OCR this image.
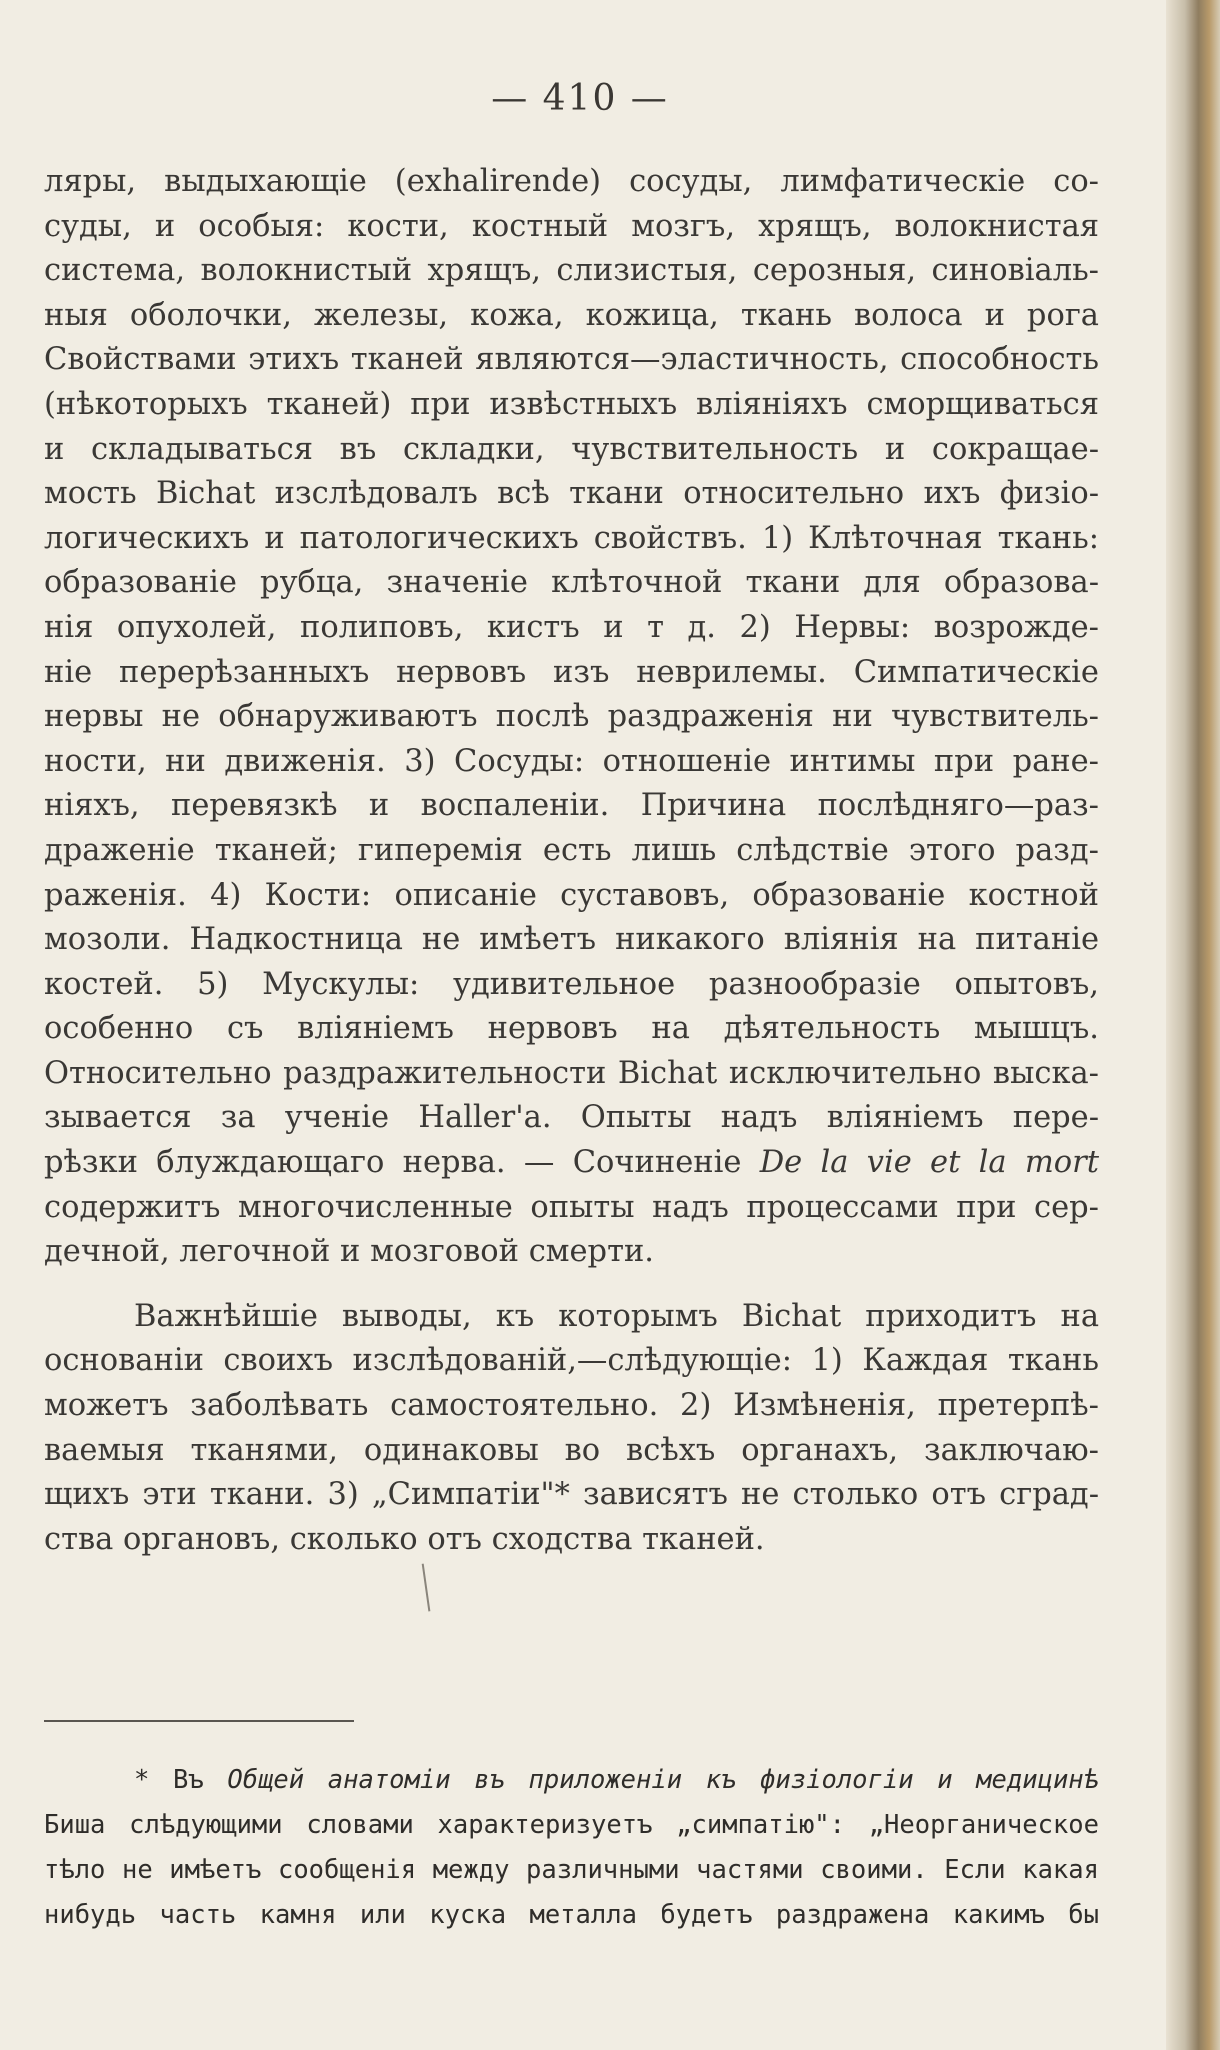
— 410 —
ляры, выдыхающіе (exhalirende) сосуды, лимфатическіе со-
суды, и особыя: кости, костный мозгъ, хрящъ, волокнистая
система, волокнистый хрящъ, слизистыя, серозныя, синовіаль-
ныя оболочки, железы, кожа, кожица, ткань волоса и рога
Свойствами этихъ тканей являются—эластичность, способность
(нѣкоторыхъ тканей) при извѣстныхъ вліяніяхъ сморщиваться
и складываться въ складки, чувствительность и сокращае-
мость Bichat изслѣдовалъ всѣ ткани относительно ихъ физіо-
логическихъ и патологическихъ свойствъ. 1) Клѣточная ткань:
образованіе рубца, значеніе клѣточной ткани для образова-
нія опухолей, полиповъ, кистъ и т д. 2) Нервы: возрожде-
ніе перерѣзанныхъ нервовъ изъ неврилемы. Симпатическіе
нервы не обнаруживаютъ послѣ раздраженія ни чувствитель-
ности, ни движенія. 3) Сосуды: отношеніе интимы при ране-
ніяхъ, перевязкѣ и воспаленіи. Причина послѣдняго—раз-
драженіе тканей; гиперемія есть лишь слѣдствіе этого разд-
раженія. 4) Кости: описаніе суставовъ, образованіе костной
мозоли. Надкостница не имѣетъ никакого вліянія на питаніе
костей. 5) Мускулы: удивительное разнообразіе опытовъ,
особенно съ вліяніемъ нервовъ на дѣятельность мышцъ.
Относительно раздражительности Bichat исключительно выска-
зывается за ученіе Haller'а. Опыты надъ вліяніемъ пере-
рѣзки блуждающаго нерва. — Сочиненіе De la vie et la mort
содержитъ многочисленные опыты надъ процессами при сер-
дечной, легочной и мозговой смерти.
Важнѣйшіе выводы, къ которымъ Bichat приходитъ на
основаніи своихъ изслѣдованій,—слѣдующіе: 1) Каждая ткань
можетъ заболѣвать самостоятельно. 2) Измѣненія, претерпѣ-
ваемыя тканями, одинаковы во всѣхъ органахъ, заключаю-
щихъ эти ткани. 3) „Симпатіи"* зависятъ не столько отъ сград-
ства органовъ, сколько отъ сходства тканей.
* Въ Общей анатоміи въ приложеніи къ физіологіи и медицинѣ
Биша слѣдующими словами характеризуетъ „симпатію": „Неорганическое
тѣло не имѣетъ сообщенія между различными частями своими. Если какая
нибудь часть камня или куска металла будетъ раздражена какимъ бы
